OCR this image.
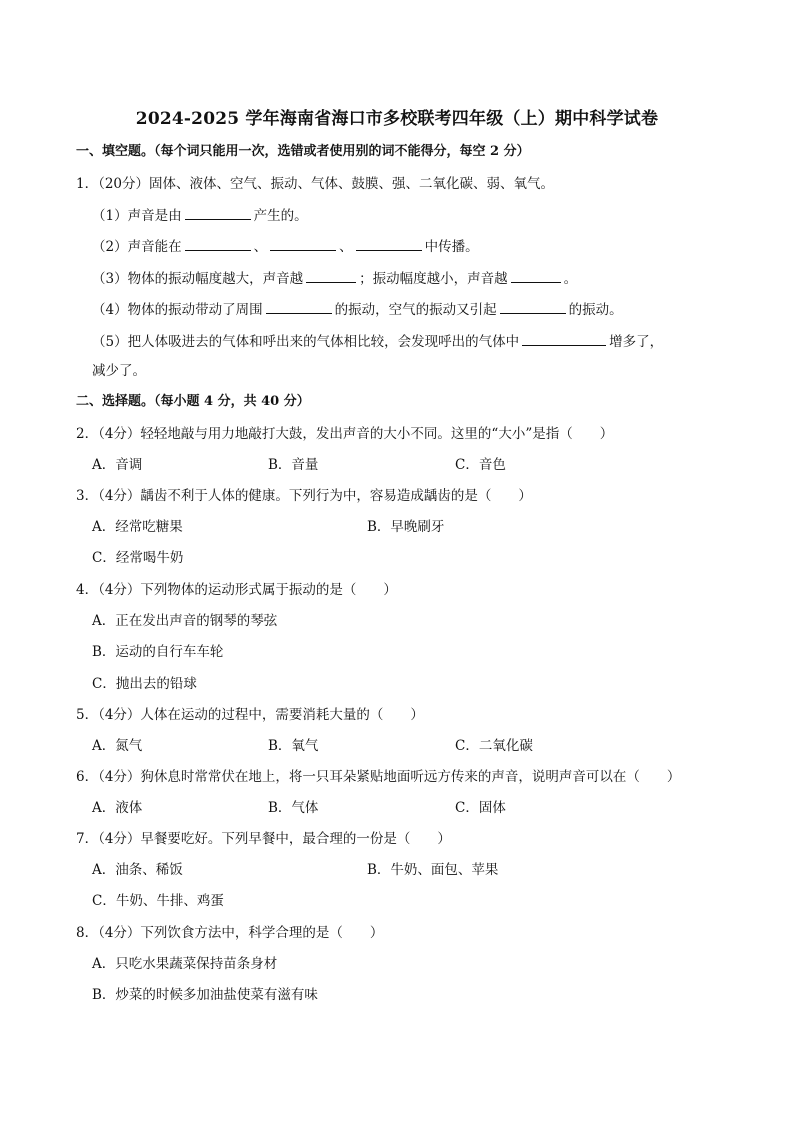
2024-2025 学年海南省海口市多校联考四年级（上）期中科学试卷
一、填空题。（每个词只能用一次，选错或者使用别的词不能得分，每空 2 分）
1．（20分）固体、液体、空气、振动、气体、鼓膜、强、二氧化碳、弱、氧气。
（1）声音是由	产生的。
（2）声音能在	、	、	中传播。
（3）物体的振动幅度越大，声音越	；振动幅度越小，声音越	。
（4）物体的振动带动了周围	的振动，空气的振动又引起	的振动。
（5）把人体吸进去的气体和呼出来的气体相比较，会发现呼出的气体中	增多了，
减少了。
二、选择题。（每小题 4 分，共 40 分）
2．（4分）轻轻地敲与用力地敲打大鼓，发出声音的大小不同。这里的“大小”是指（　　）
A．音调	B．音量	C．音色
3．（4分）龋齿不利于人体的健康。下列行为中，容易造成龋齿的是（　　）
A．经常吃糖果	B．早晚刷牙
C．经常喝牛奶
4．（4分）下列物体的运动形式属于振动的是（　　）
A．正在发出声音的钢琴的琴弦
B．运动的自行车车轮
C．抛出去的铅球
5．（4分）人体在运动的过程中，需要消耗大量的（　　）
A．氮气	B．氧气	C．二氧化碳
6．（4分）狗休息时常常伏在地上，将一只耳朵紧贴地面听远方传来的声音，说明声音可以在（　　）
A．液体	B．气体	C．固体
7．（4分）早餐要吃好。下列早餐中，最合理的一份是（　　）
A．油条、稀饭	B．牛奶、面包、苹果
C．牛奶、牛排、鸡蛋
8．（4分）下列饮食方法中，科学合理的是（　　）
A．只吃水果蔬菜保持苗条身材
B．炒菜的时候多加油盐使菜有滋有味
